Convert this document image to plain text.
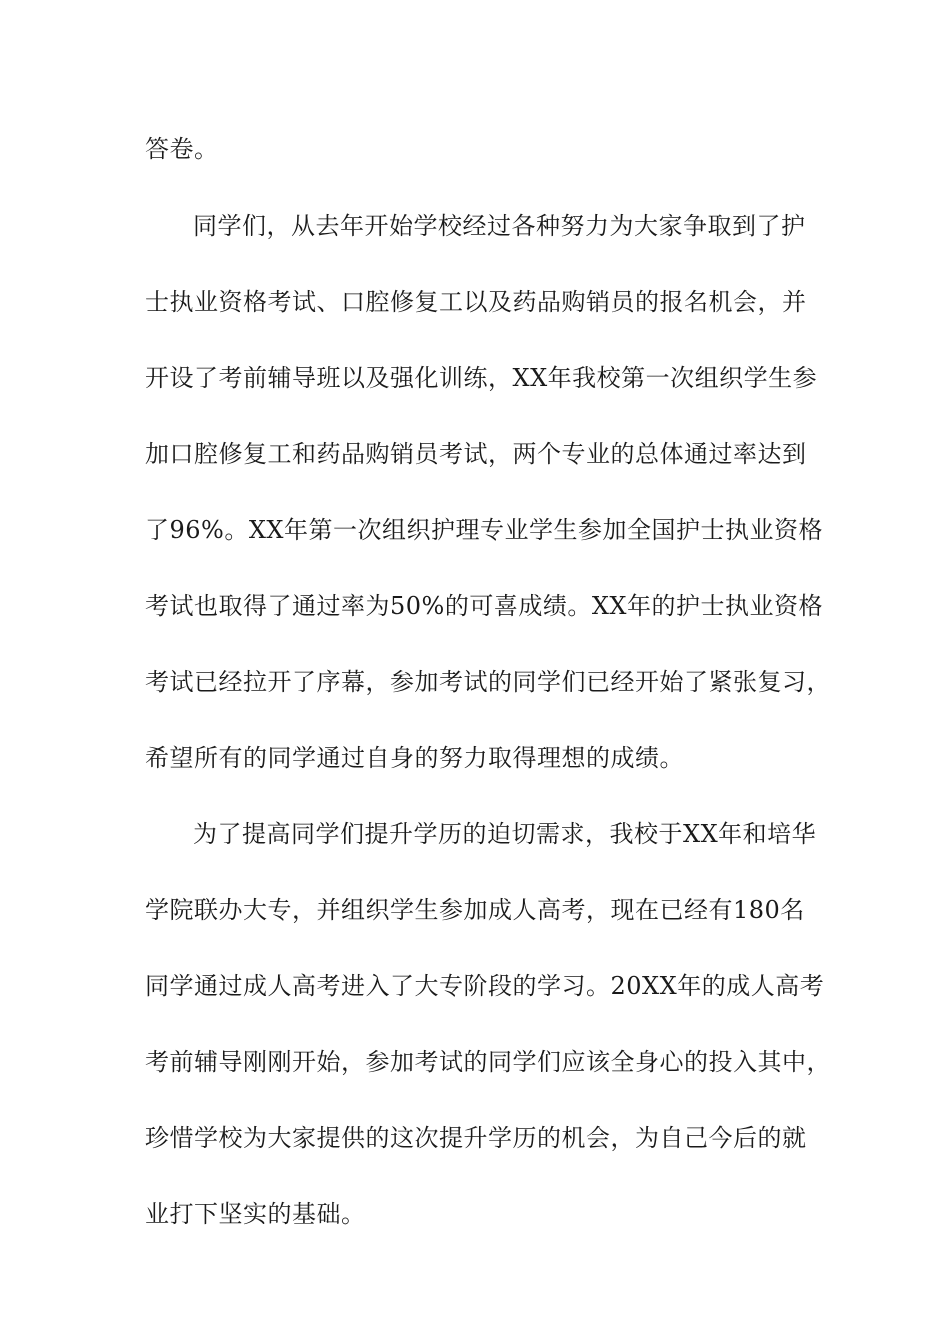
答卷。
同学们，从去年开始学校经过各种努力为大家争取到了护
士执业资格考试、口腔修复工以及药品购销员的报名机会，并
开设了考前辅导班以及强化训练，XX年我校第一次组织学生参
加口腔修复工和药品购销员考试，两个专业的总体通过率达到
了96%。XX年第一次组织护理专业学生参加全国护士执业资格
考试也取得了通过率为50%的可喜成绩。XX年的护士执业资格
考试已经拉开了序幕，参加考试的同学们已经开始了紧张复习，
希望所有的同学通过自身的努力取得理想的成绩。
为了提高同学们提升学历的迫切需求，我校于XX年和培华
学院联办大专，并组织学生参加成人高考，现在已经有180名
同学通过成人高考进入了大专阶段的学习。20XX年的成人高考
考前辅导刚刚开始，参加考试的同学们应该全身心的投入其中，
珍惜学校为大家提供的这次提升学历的机会，为自己今后的就
业打下坚实的基础。
